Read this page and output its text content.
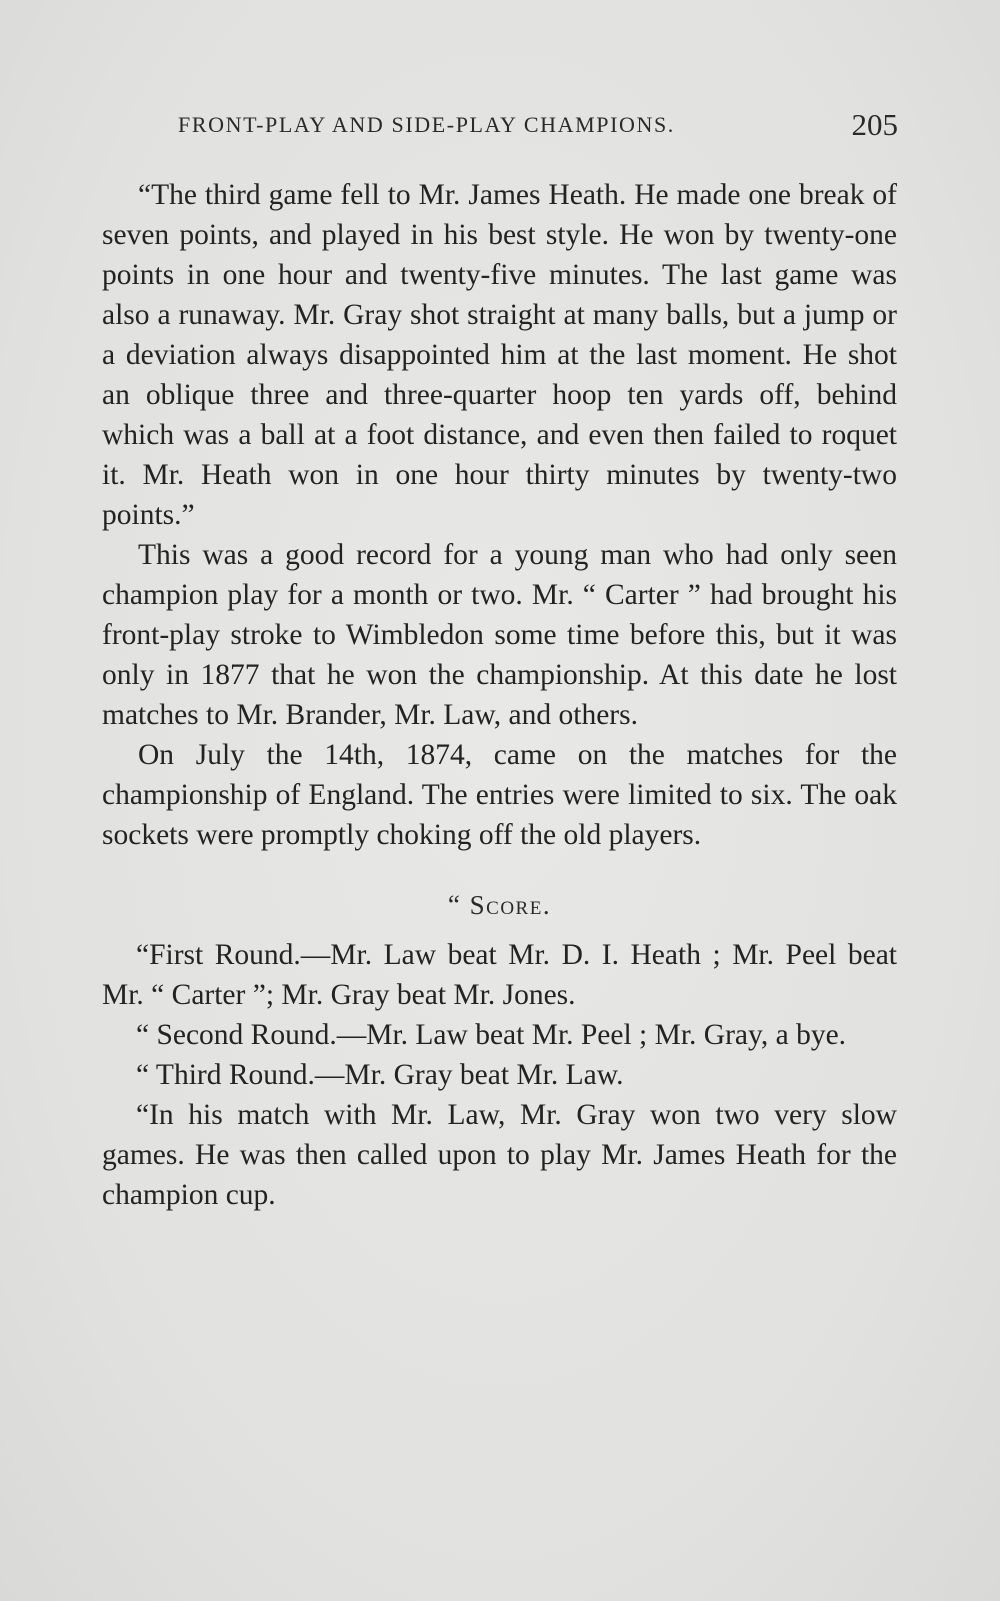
FRONT-PLAY AND SIDE-PLAY CHAMPIONS.	205

“The third game fell to Mr. James Heath. He made one break of seven points, and played in his best style. He won by twenty-one points in one hour and twenty-five minutes. The last game was also a runaway. Mr. Gray shot straight at many balls, but a jump or a deviation always disappointed him at the last moment. He shot an oblique three and three-quarter hoop ten yards off, behind which was a ball at a foot distance, and even then failed to roquet it. Mr. Heath won in one hour thirty minutes by twenty-two points.”

This was a good record for a young man who had only seen champion play for a month or two. Mr. “ Carter ” had brought his front-play stroke to Wimbledon some time before this, but it was only in 1877 that he won the championship. At this date he lost matches to Mr. Brander, Mr. Law, and others.

On July the 14th, 1874, came on the matches for the championship of England. The entries were limited to six. The oak sockets were promptly choking off the old players.

“ Score.

“First Round.—Mr. Law beat Mr. D. I. Heath ; Mr. Peel beat Mr. “ Carter ”; Mr. Gray beat Mr. Jones.

“ Second Round.—Mr. Law beat Mr. Peel ; Mr. Gray, a bye.

“ Third Round.—Mr. Gray beat Mr. Law.

“In his match with Mr. Law, Mr. Gray won two very slow games. He was then called upon to play Mr. James Heath for the champion cup.
